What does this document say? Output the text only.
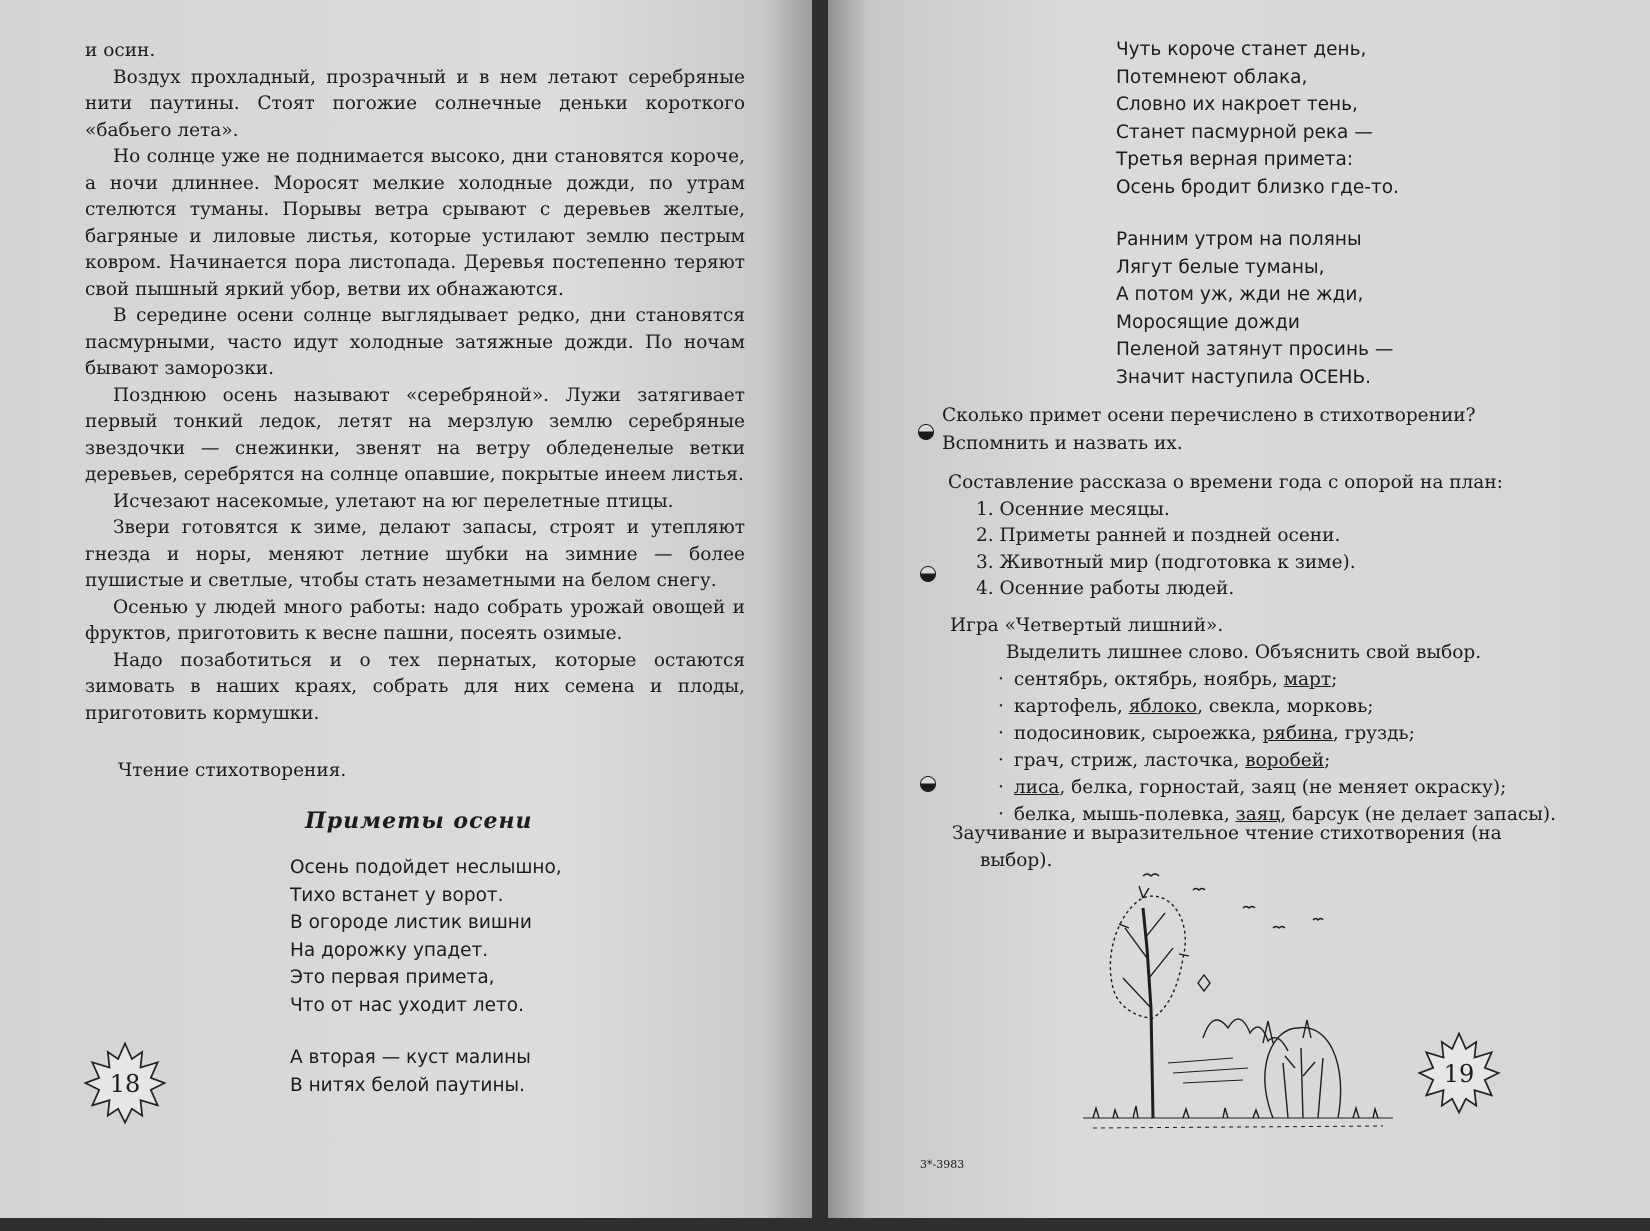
и осин.

Воздух прохладный, прозрачный и в нем летают серебряные нити паутины. Стоят погожие солнечные деньки короткого «бабьего лета».

Но солнце уже не поднимается высоко, дни становятся короче, а ночи длиннее. Моросят мелкие холодные дожди, по утрам стелются туманы. Порывы ветра срывают с деревьев желтые, багряные и лиловые листья, которые устилают землю пестрым ковром. Начинается пора листопада. Деревья постепенно теряют свой пышный яркий убор, ветви их обнажаются.

В середине осени солнце выглядывает редко, дни становятся пасмурными, часто идут холодные затяжные дожди. По ночам бывают заморозки.

Позднюю осень называют «серебряной». Лужи затягивает первый тонкий ледок, летят на мерзлую землю серебряные звездочки — снежинки, звенят на ветру обледенелые ветки деревьев, серебрятся на солнце опавшие, покрытые инеем листья.

Исчезают насекомые, улетают на юг перелетные птицы.

Звери готовятся к зиме, делают запасы, строят и утепляют гнезда и норы, меняют летние шубки на зимние — более пушистые и светлые, чтобы стать незаметными на белом снегу.

Осенью у людей много работы: надо собрать урожай овощей и фруктов, приготовить к весне пашни, посеять озимые.

Надо позаботиться и о тех пернатых, которые остаются зимовать в наших краях, собрать для них семена и плоды, приготовить кормушки.

Чтение стихотворения.
Приметы осени
Осень подойдет неслышно,
Тихо встанет у ворот.
В огороде листик вишни
На дорожку упадет.
Это первая примета,
Что от нас уходит лето.
А вторая — куст малины
В нитях белой паутины.
18
Чуть короче станет день,
Потемнеют облака,
Словно их накроет тень,
Станет пасмурной река —
Третья верная примета:
Осень бродит близко где-то.
Ранним утром на поляны
Лягут белые туманы,
А потом уж, жди не жди,
Моросящие дожди
Пеленой затянут просинь —
Значит наступила ОСЕНЬ.
Сколько примет осени перечислено в стихотворении?
Вспомнить и назвать их.
Составление рассказа о времени года с опорой на план:
1. Осенние месяцы.
2. Приметы ранней и поздней осени.
3. Животный мир (подготовка к зиме).
4. Осенние работы людей.
Игра «Четвертый лишний».
Выделить лишнее слово. Объяснить свой выбор.
· сентябрь, октябрь, ноябрь, март;
· картофель, яблоко, свекла, морковь;
· подосиновик, сыроежка, рябина, груздь;
· грач, стриж, ласточка, воробей;
· лиса, белка, горностай, заяц (не меняет окраску);
· белка, мышь-полевка, заяц, барсук (не делает запасы).
Заучивание и выразительное чтение стихотворения (на
выбор).
3*-3983
19
